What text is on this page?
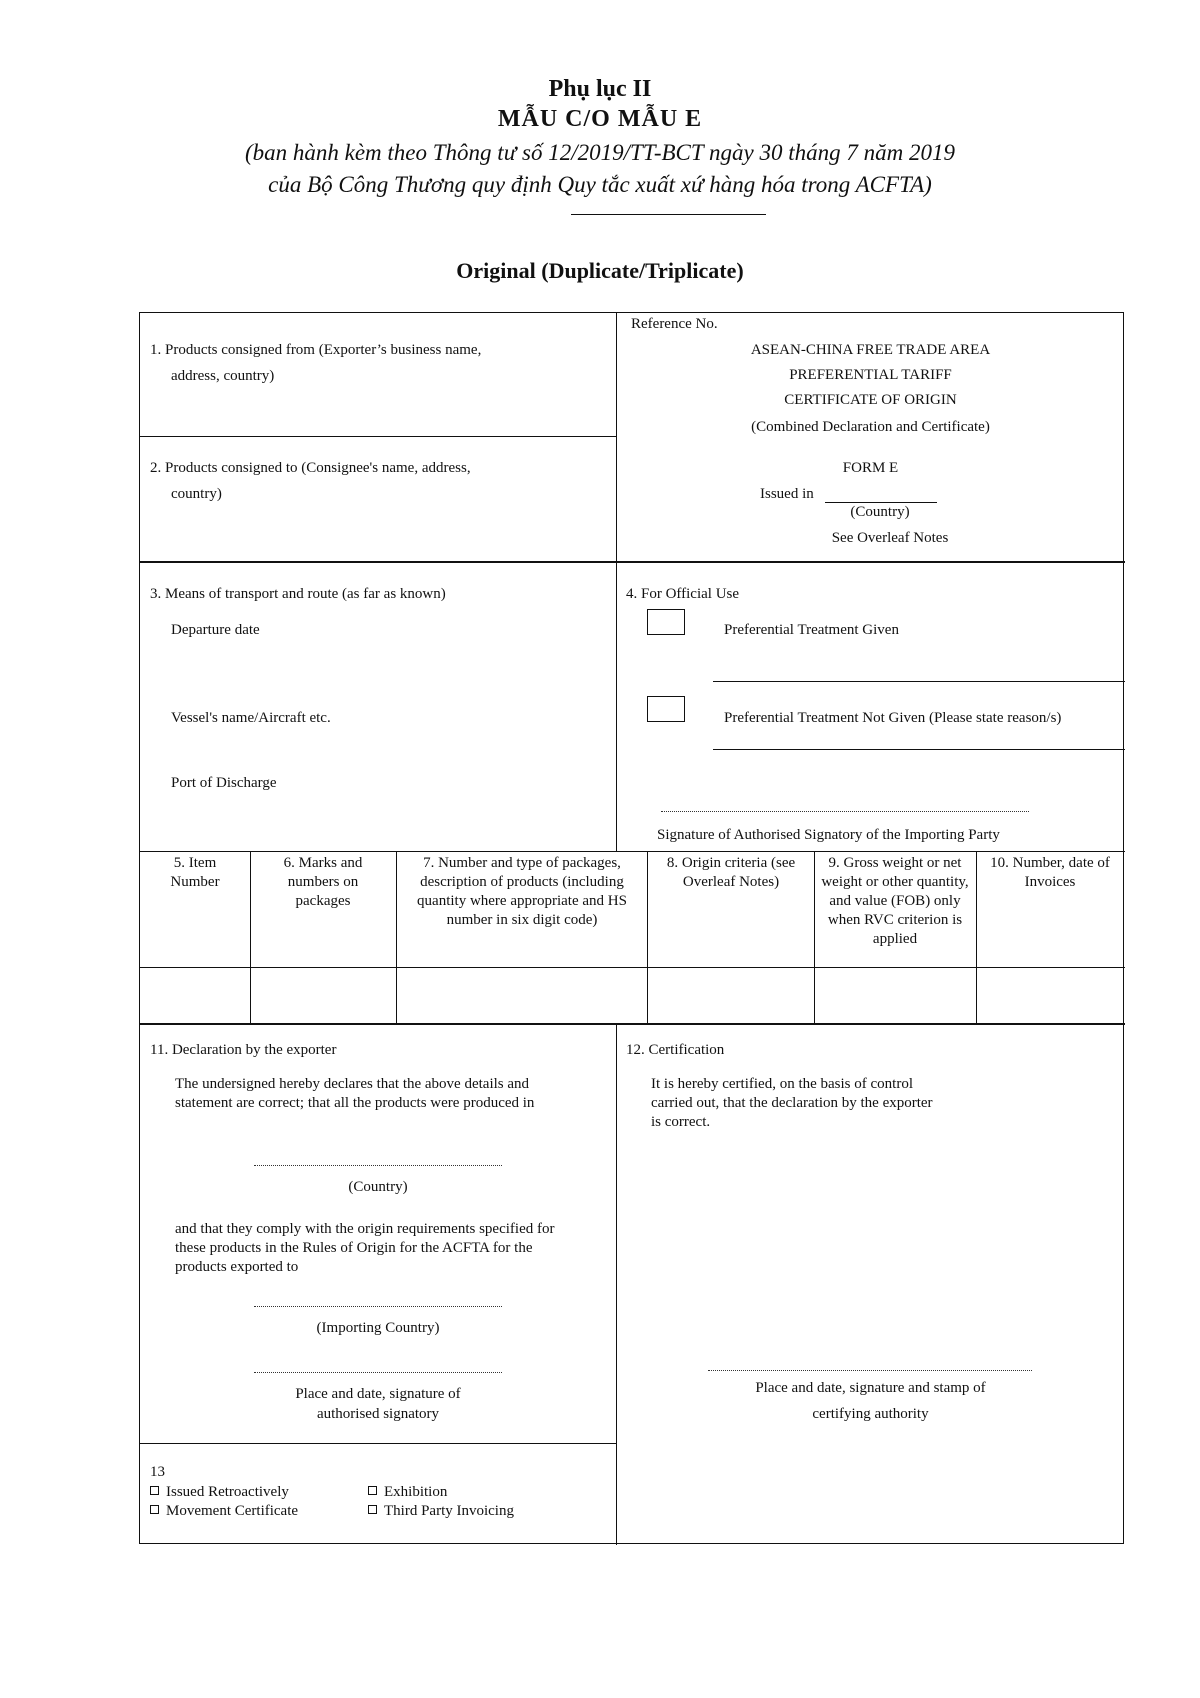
Phụ lục II
MẪU C/O MẪU E
(ban hành kèm theo Thông tư số 12/2019/TT-BCT ngày 30 tháng 7 năm 2019
của Bộ Công Thương quy định Quy tắc xuất xứ hàng hóa trong ACFTA)
Original (Duplicate/Triplicate)
1. Products consigned from (Exporter’s business name,
address, country)
Reference No.
ASEAN-CHINA FREE TRADE AREA
PREFERENTIAL TARIFF
CERTIFICATE OF ORIGIN
(Combined Declaration and Certificate)
FORM E
Issued in
(Country)
See Overleaf Notes
2. Products consigned to (Consignee's name, address,
country)
3. Means of transport and route (as far as known)
Departure date
Vessel's name/Aircraft etc.
Port of Discharge
4. For Official Use
Preferential Treatment Given
Preferential Treatment Not Given (Please state reason/s)
Signature of Authorised Signatory of the Importing Party
5. Item Number
6. Marks and numbers on packages
7. Number and type of packages, description of products (including quantity where appropriate and HS number in six digit code)
8. Origin criteria (see Overleaf Notes)
9. Gross weight or net weight or other quantity, and value (FOB) only when RVC criterion is applied
10. Number, date of Invoices
11. Declaration by the exporter
The undersigned hereby declares that the above details and statement are correct; that all the products were produced in
(Country)
and that they comply with the origin requirements specified for these products in the Rules of Origin for the ACFTA for the products exported to
(Importing Country)
Place and date, signature of
authorised signatory
12. Certification
It is hereby certified, on the basis of control carried out, that the declaration by the exporter is correct.
Place and date, signature and stamp of
certifying authority
13
Issued Retroactively
Movement Certificate
Exhibition
Third Party Invoicing
